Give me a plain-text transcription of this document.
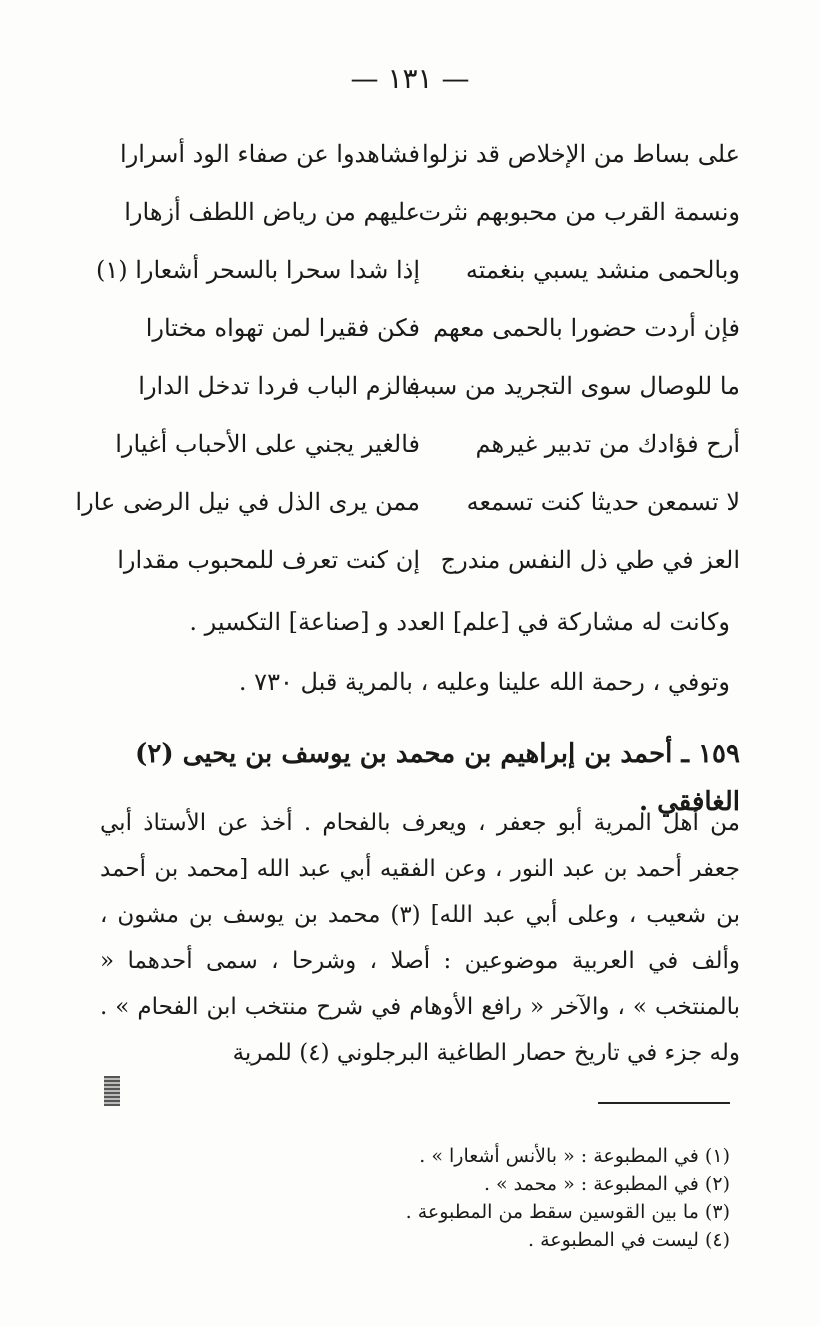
— ١٣١ —
على بساط من الإخلاص قد نزلوا
فشاهدوا عن صفاء الود أسرارا
ونسمة القرب من محبوبهم نثرت
عليهم من رياض اللطف أزهارا
وبالحمى منشد يسبي بنغمته
إذا شدا سحرا بالسحر أشعارا (١)
فإن أردت حضورا بالحمى معهم
فكن فقيرا لمن تهواه مختارا
ما للوصال سوى التجريد من سبب
فالزم الباب فردا تدخل الدارا
أرح فؤادك من تدبير غيرهم
فالغير يجني على الأحباب أغيارا
لا تسمعن حديثا كنت تسمعه
ممن يرى الذل في نيل الرضى عارا
العز في طي ذل النفس مندرج
إن كنت تعرف للمحبوب مقدارا

وكانت له مشاركة في [علم] العدد و [صناعة] التكسير .

وتوفي ، رحمة الله علينا وعليه ، بالمرية قبل ٧٣٠ .

١٥٩ ـ أحمد بن إبراهيم بن محمد بن يوسف بن يحيى (٢) الغافقي .
من أهل المرية أبو جعفر ، ويعرف بالفحام . أخذ عن الأستاذ أبي جعفر أحمد بن عبد النور ، وعن الفقيه أبي عبد الله [محمد بن أحمد بن شعيب ، وعلى أبي عبد الله] (٣) محمد بن يوسف بن مشون ، وألف في العربية موضوعين : أصلا ، وشرحا ، سمى أحدهما « بالمنتخب » ، والآخر « رافع الأوهام في شرح منتخب ابن الفحام » . وله جزء في تاريخ حصار الطاغية البرجلوني (٤) للمرية
(١) في المطبوعة : « بالأنس أشعارا » .
(٢) في المطبوعة : « محمد » .
(٣) ما بين القوسين سقط من المطبوعة .
(٤) ليست في المطبوعة .
